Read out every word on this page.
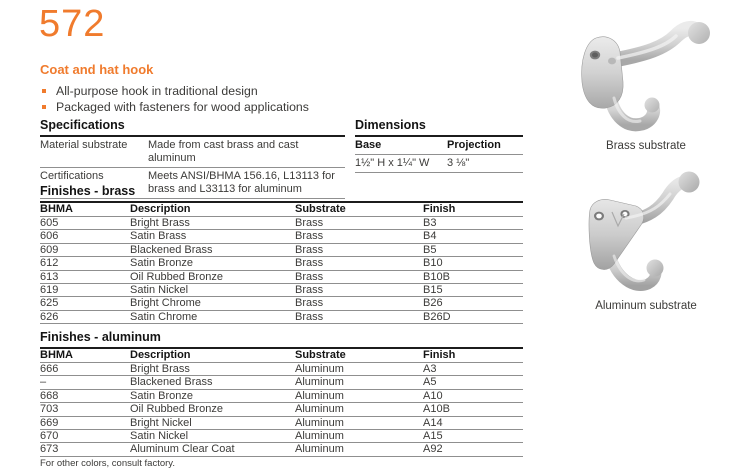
572
Coat and hat hook
All-purpose hook in traditional design
Packaged with fasteners for wood applications
Specifications
Material substrate	Made from cast brass and cast aluminum
Certifications	Meets ANSI/BHMA 156.16, L13113 for brass and L33113 for aluminum
Dimensions
Base	Projection
1½" H x 1¼" W	3 ⅛"
Finishes - brass
BHMA	Description	Substrate	Finish
605	Bright Brass	Brass	B3
606	Satin Brass	Brass	B4
609	Blackened Brass	Brass	B5
612	Satin Bronze	Brass	B10
613	Oil Rubbed Bronze	Brass	B10B
619	Satin Nickel	Brass	B15
625	Bright Chrome	Brass	B26
626	Satin Chrome	Brass	B26D
Finishes - aluminum
BHMA	Description	Substrate	Finish
666	Bright Brass	Aluminum	A3
–	Blackened Brass	Aluminum	A5
668	Satin Bronze	Aluminum	A10
703	Oil Rubbed Bronze	Aluminum	A10B
669	Bright Nickel	Aluminum	A14
670	Satin Nickel	Aluminum	A15
673	Aluminum Clear Coat	Aluminum	A92
For other colors, consult factory.
Brass substrate
Aluminum substrate
